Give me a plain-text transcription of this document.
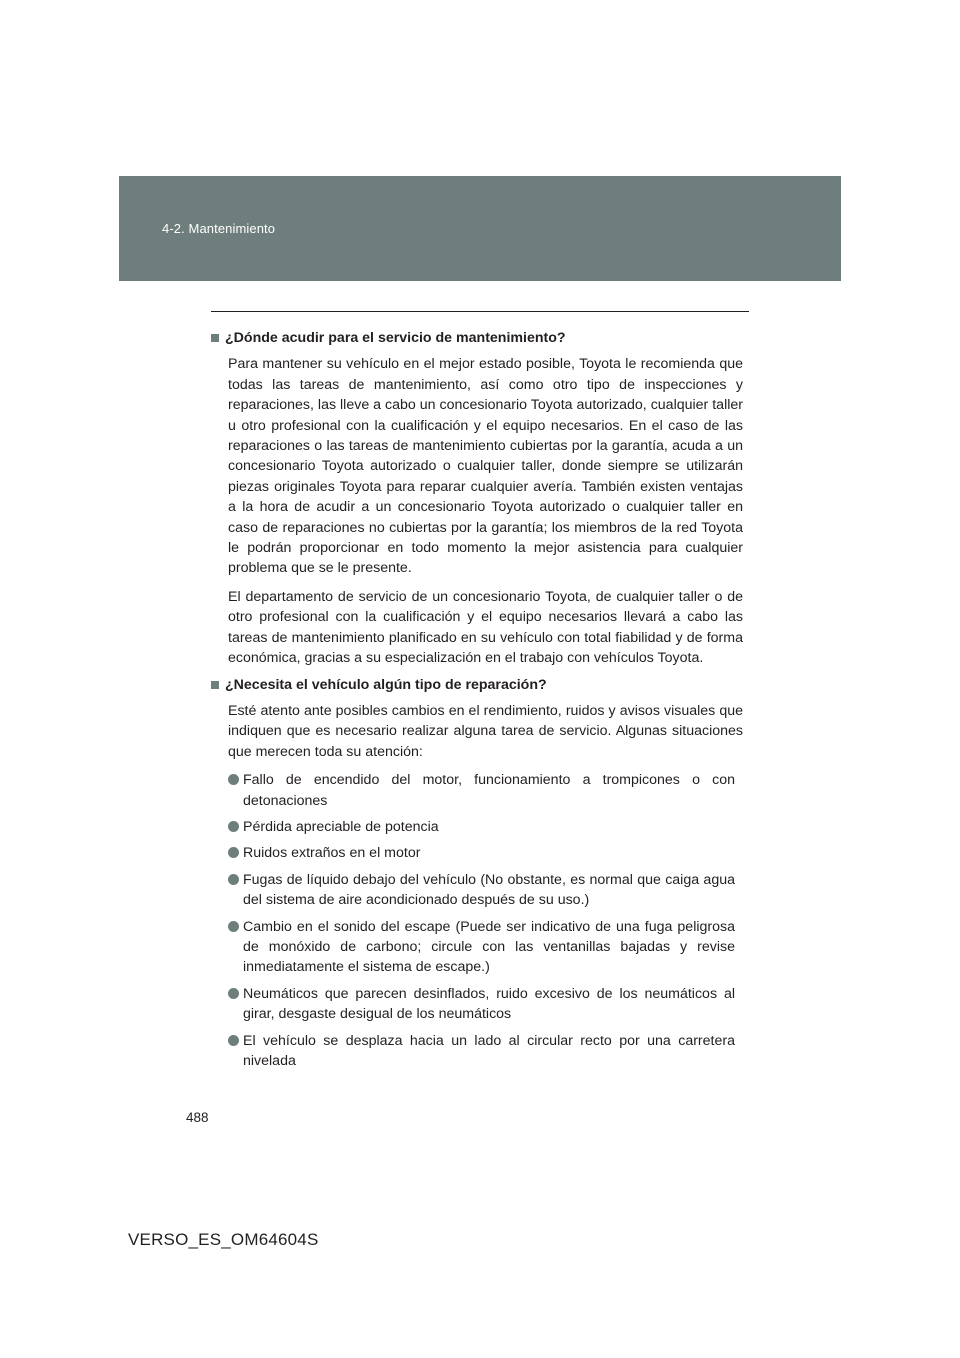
4-2. Mantenimiento
¿Dónde acudir para el servicio de mantenimiento?

Para mantener su vehículo en el mejor estado posible, Toyota le recomienda que todas las tareas de mantenimiento, así como otro tipo de inspecciones y reparaciones, las lleve a cabo un concesionario Toyota autorizado, cualquier taller u otro profesional con la cualificación y el equipo necesarios. En el caso de las reparaciones o las tareas de mantenimiento cubiertas por la garantía, acuda a un concesionario Toyota autorizado o cualquier taller, donde siempre se utilizarán piezas originales Toyota para reparar cualquier avería. También existen ventajas a la hora de acudir a un concesionario Toyota autorizado o cualquier taller en caso de reparaciones no cubiertas por la garantía; los miembros de la red Toyota le podrán proporcionar en todo momento la mejor asistencia para cualquier problema que se le presente.

El departamento de servicio de un concesionario Toyota, de cualquier taller o de otro profesional con la cualificación y el equipo necesarios llevará a cabo las tareas de mantenimiento planificado en su vehículo con total fiabilidad y de forma económica, gracias a su especialización en el trabajo con vehículos Toyota.

¿Necesita el vehículo algún tipo de reparación?

Esté atento ante posibles cambios en el rendimiento, ruidos y avisos visuales que indiquen que es necesario realizar alguna tarea de servicio. Algunas situaciones que merecen toda su atención:

Fallo de encendido del motor, funcionamiento a trompicones o con detonaciones
Pérdida apreciable de potencia
Ruidos extraños en el motor
Fugas de líquido debajo del vehículo (No obstante, es normal que caiga agua del sistema de aire acondicionado después de su uso.)
Cambio en el sonido del escape (Puede ser indicativo de una fuga peligrosa de monóxido de carbono; circule con las ventanillas bajadas y revise inmediatamente el sistema de escape.)
Neumáticos que parecen desinflados, ruido excesivo de los neumáticos al girar, desgaste desigual de los neumáticos
El vehículo se desplaza hacia un lado al circular recto por una carretera nivelada
488
VERSO_ES_OM64604S
